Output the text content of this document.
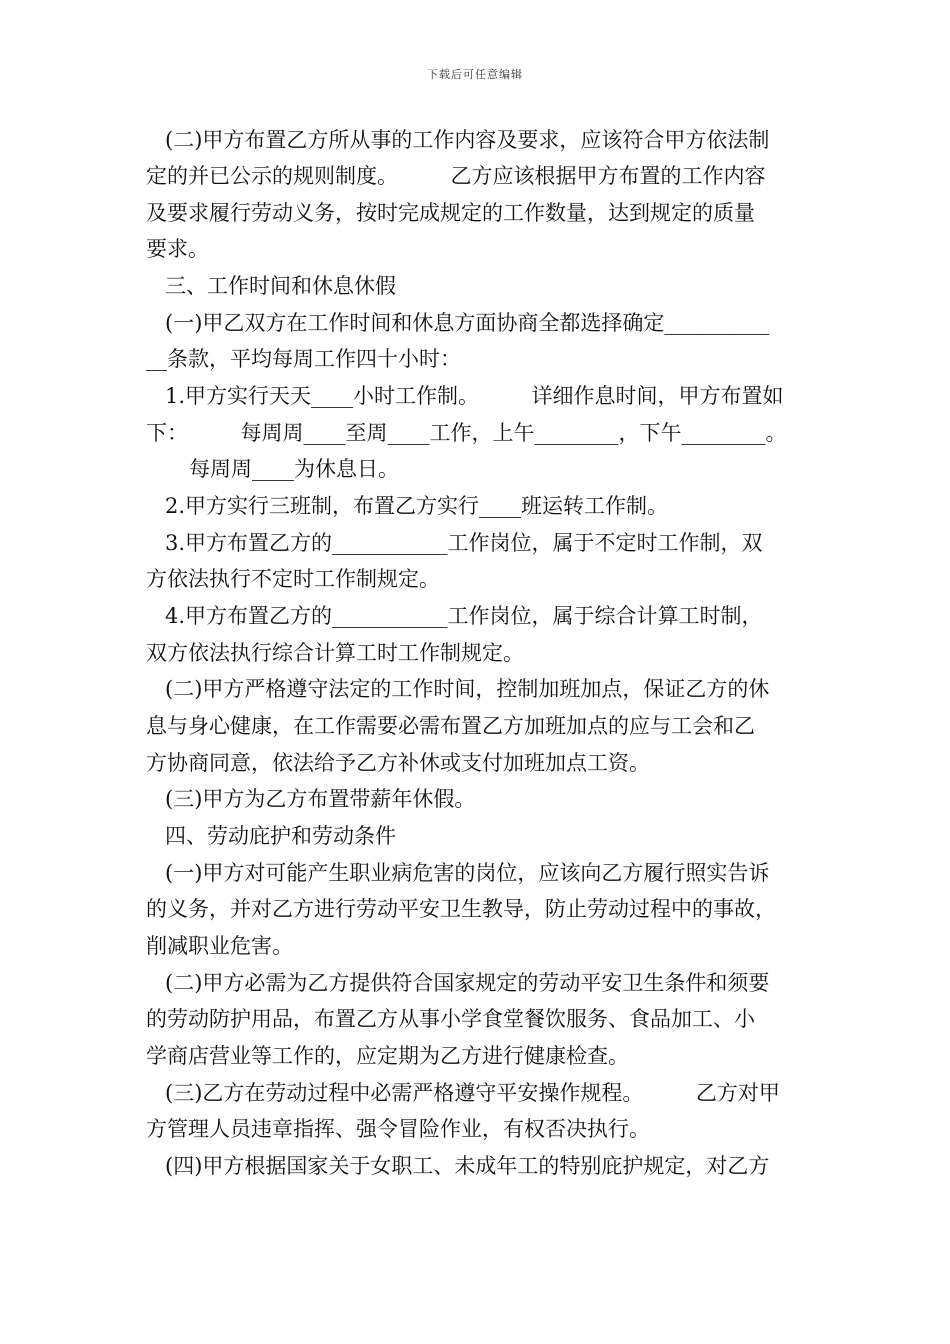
下载后可任意编辑
(二)甲方布置乙方所从事的工作内容及要求，应该符合甲方依法制
定的并已公示的规则制度。　　　乙方应该根据甲方布置的工作内容
及要求履行劳动义务，按时完成规定的工作数量，达到规定的质量
要求。
三、工作时间和休息休假
(一)甲乙双方在工作时间和休息方面协商全都选择确定__________
__条款，平均每周工作四十小时：
1.甲方实行天天____小时工作制。　　　详细作息时间，甲方布置如
下：　　　每周周____至周____工作，上午________，下午________。
每周周____为休息日。
2.甲方实行三班制，布置乙方实行____班运转工作制。
3.甲方布置乙方的___________工作岗位，属于不定时工作制，双
方依法执行不定时工作制规定。
4.甲方布置乙方的___________工作岗位，属于综合计算工时制，
双方依法执行综合计算工时工作制规定。
(二)甲方严格遵守法定的工作时间，控制加班加点，保证乙方的休
息与身心健康，在工作需要必需布置乙方加班加点的应与工会和乙
方协商同意，依法给予乙方补休或支付加班加点工资。
(三)甲方为乙方布置带薪年休假。
四、劳动庇护和劳动条件
(一)甲方对可能产生职业病危害的岗位，应该向乙方履行照实告诉
的义务，并对乙方进行劳动平安卫生教导，防止劳动过程中的事故，
削减职业危害。
(二)甲方必需为乙方提供符合国家规定的劳动平安卫生条件和须要
的劳动防护用品，布置乙方从事小学食堂餐饮服务、食品加工、小
学商店营业等工作的，应定期为乙方进行健康检查。
(三)乙方在劳动过程中必需严格遵守平安操作规程。　　　乙方对甲
方管理人员违章指挥、强令冒险作业，有权否决执行。
(四)甲方根据国家关于女职工、未成年工的特别庇护规定，对乙方
